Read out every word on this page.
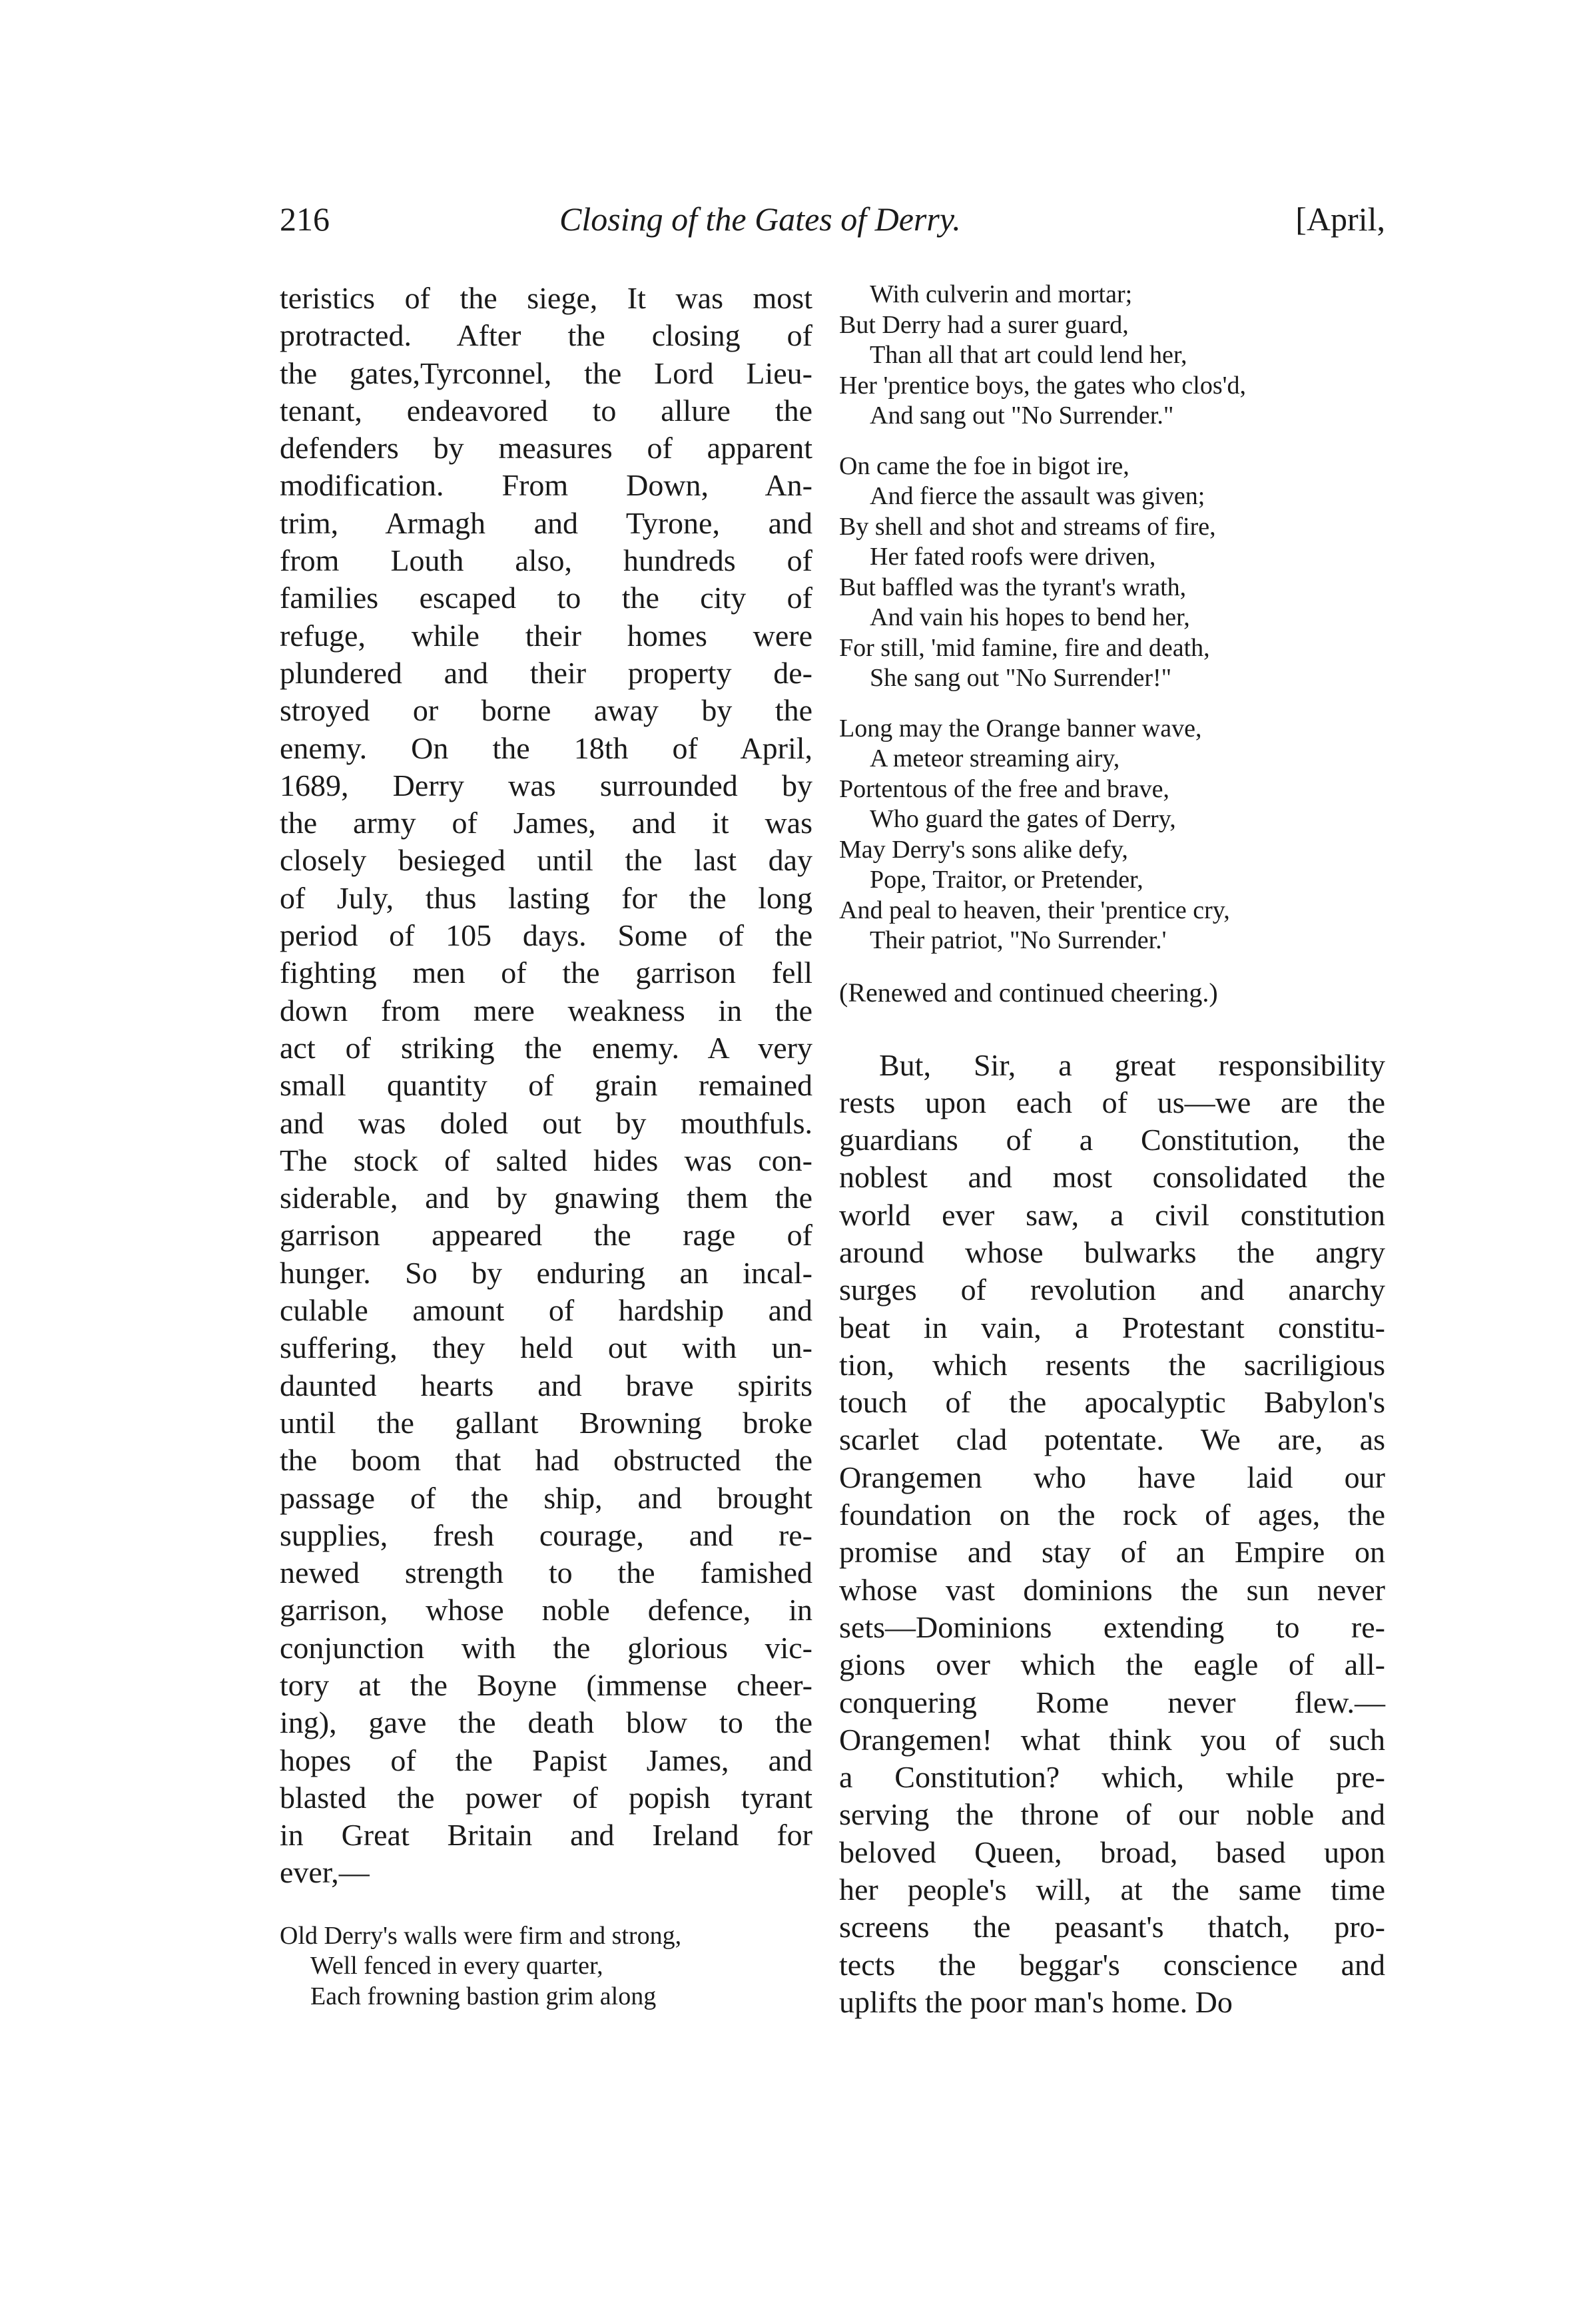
216	Closing of the Gates of Derry.	[April,
teristics of the siege, It was most
protracted. After the closing of
the gates,Tyrconnel, the Lord Lieu-
tenant, endeavored to allure the
defenders by measures of apparent
modification. From Down, An-
trim, Armagh and Tyrone, and
from Louth also, hundreds of
families escaped to the city of
refuge, while their homes were
plundered and their property de-
stroyed or borne away by the
enemy. On the 18th of April,
1689, Derry was surrounded by
the army of James, and it was
closely besieged until the last day
of July, thus lasting for the long
period of 105 days. Some of the
fighting men of the garrison fell
down from mere weakness in the
act of striking the enemy. A very
small quantity of grain remained
and was doled out by mouthfuls.
The stock of salted hides was con-
siderable, and by gnawing them the
garrison appeared the rage of
hunger. So by enduring an incal-
culable amount of hardship and
suffering, they held out with un-
daunted hearts and brave spirits
until the gallant Browning broke
the boom that had obstructed the
passage of the ship, and brought
supplies, fresh courage, and re-
newed strength to the famished
garrison, whose noble defence, in
conjunction with the glorious vic-
tory at the Boyne (immense cheer-
ing), gave the death blow to the
hopes of the Papist James, and
blasted the power of popish tyrant
in Great Britain and Ireland for
ever,—
Old Derry's walls were firm and strong,
Well fenced in every quarter,
Each frowning bastion grim along
With culverin and mortar;
But Derry had a surer guard,
Than all that art could lend her,
Her 'prentice boys, the gates who clos'd,
And sang out "No Surrender."
On came the foe in bigot ire,
And fierce the assault was given;
By shell and shot and streams of fire,
Her fated roofs were driven,
But baffled was the tyrant's wrath,
And vain his hopes to bend her,
For still, 'mid famine, fire and death,
She sang out "No Surrender!"
Long may the Orange banner wave,
A meteor streaming airy,
Portentous of the free and brave,
Who guard the gates of Derry,
May Derry's sons alike defy,
Pope, Traitor, or Pretender,
And peal to heaven, their 'prentice cry,
Their patriot, "No Surrender.'
(Renewed and continued cheering.)
But, Sir, a great responsibility
rests upon each of us—we are the
guardians of a Constitution, the
noblest and most consolidated the
world ever saw, a civil constitution
around whose bulwarks the angry
surges of revolution and anarchy
beat in vain, a Protestant constitu-
tion, which resents the sacriligious
touch of the apocalyptic Babylon's
scarlet clad potentate. We are, as
Orangemen who have laid our
foundation on the rock of ages, the
promise and stay of an Empire on
whose vast dominions the sun never
sets—Dominions extending to re-
gions over which the eagle of all-
conquering Rome never flew.—
Orangemen! what think you of such
a Constitution? which, while pre-
serving the throne of our noble and
beloved Queen, broad, based upon
her people's will, at the same time
screens the peasant's thatch, pro-
tects the beggar's conscience and
uplifts the poor man's home. Do
